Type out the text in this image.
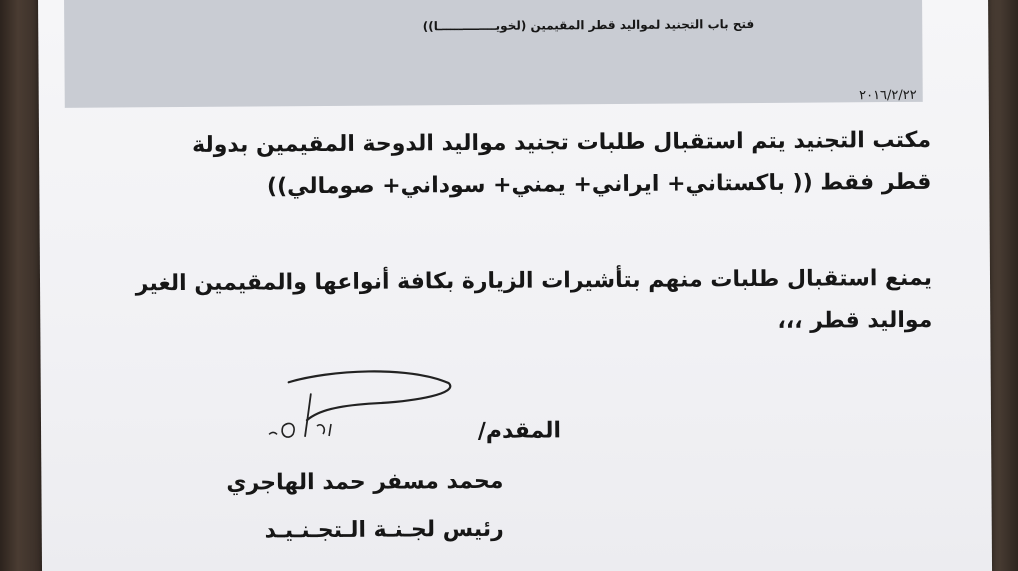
فتح باب التجنيد لمواليد قطر المقيمين (لخويــــــــــــــا))
٢٠١٦/٢/٢٢
مكتب التجنيد يتم استقبال طلبات تجنيد مواليد الدوحة المقيمين بدولة
قطر فقط (( باكستاني+ ايراني+ يمني+ سوداني+ صومالي))
يمنع استقبال طلبات منهم بتأشيرات الزيارة بكافة أنواعها والمقيمين الغير
مواليد قطر ،،،
المقدم/
محمد مسفر حمد الهاجري
رئيس لجـنـة الـتجـنـيـد
